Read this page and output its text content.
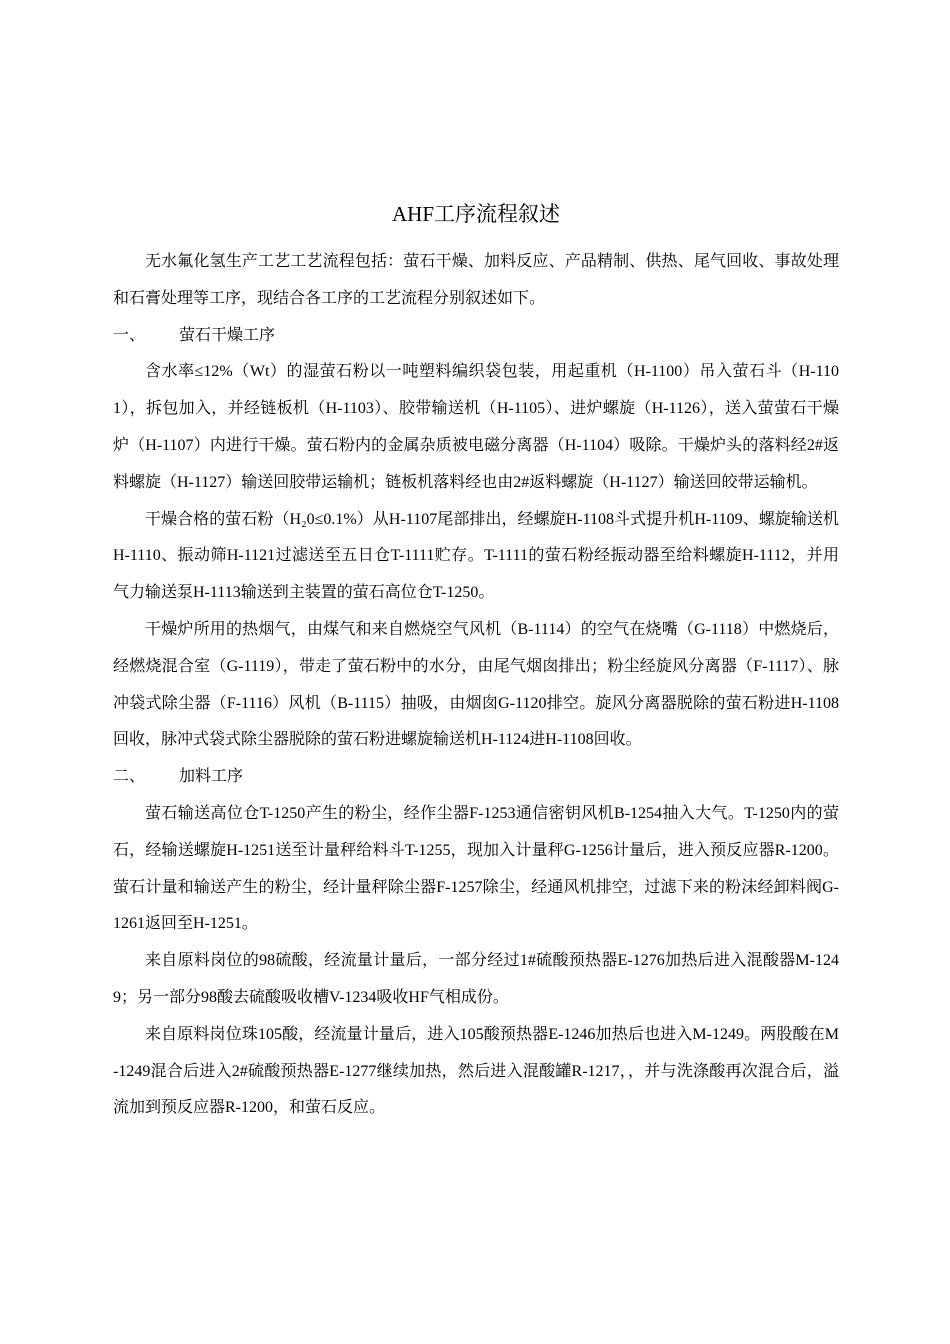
AHF工序流程叙述

无水氟化氢生产工艺工艺流程包括：萤石干燥、加料反应、产品精制、供热、尾气回收、事故处理和石膏处理等工序，现结合各工序的工艺流程分别叙述如下。

一、 萤石干燥工序

含水率≤12%（Wt）的湿萤石粉以一吨塑料编织袋包装，用起重机（H-1100）吊入萤石斗（H-1101），拆包加入，并经链板机（H-1103）、胶带输送机（H-1105）、进炉螺旋（H-1126），送入萤萤石干燥炉（H-1107）内进行干燥。萤石粉内的金属杂质被电磁分离器（H-1104）吸除。干燥炉头的落料经2#返料螺旋（H-1127）输送回胶带运输机；链板机落料经也由2#返料螺旋（H-1127）输送回皎带运输机。

干燥合格的萤石粉（H₂0≤0.1%）从H-1107尾部排出，经螺旋H-1108斗式提升机H-1109、螺旋输送机H-1110、振动筛H-1121过滤送至五日仓T-1111贮存。T-1111的萤石粉经振动器至给料螺旋H-1112，并用气力输送泵H-1113输送到主装置的萤石高位仓T-1250。

干燥炉所用的热烟气，由煤气和来自燃烧空气风机（B-1114）的空气在烧嘴（G-1118）中燃烧后，经燃烧混合室（G-1119），带走了萤石粉中的水分，由尾气烟囱排出；粉尘经旋风分离器（F-1117）、脉冲袋式除尘器（F-1116）风机（B-1115）抽吸，由烟囱G-1120排空。旋风分离器脱除的萤石粉进H-1108回收，脉冲式袋式除尘器脱除的萤石粉进螺旋输送机H-1124进H-1108回收。

二、 加料工序

萤石输送高位仓T-1250产生的粉尘，经作尘器F-1253通信密钥风机B-1254抽入大气。T-1250内的萤石，经输送螺旋H-1251送至计量秤给料斗T-1255，现加入计量秤G-1256计量后，进入预反应器R-1200。萤石计量和输送产生的粉尘，经计量秤除尘器F-1257除尘，经通风机排空，过滤下来的粉沫经卸料阀G-1261返回至H-1251。

来自原料岗位的98硫酸，经流量计量后，一部分经过1#硫酸预热器E-1276加热后进入混酸器M-1249；另一部分98酸去硫酸吸收槽V-1234吸收HF气相成份。

来自原料岗位珠105酸，经流量计量后，进入105酸预热器E-1246加热后也进入M-1249。两股酸在M-1249混合后进入2#硫酸预热器E-1277继续加热，然后进入混酸罐R-1217，，并与洗涤酸再次混合后，溢流加到预反应器R-1200，和萤石反应。
